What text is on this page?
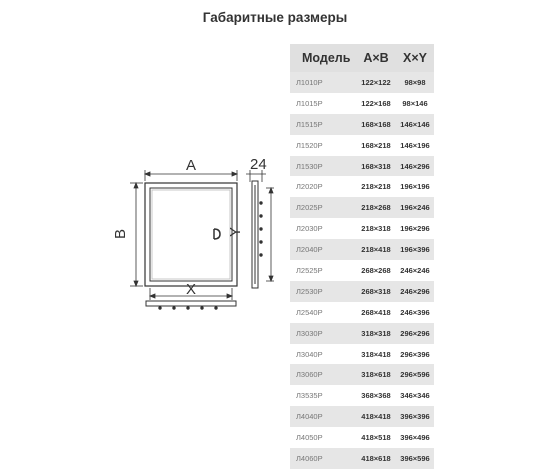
Габаритные размеры
A
B
X
24
Y
Модель	A×B	X×Y
Л1010Р	122×122	98×98
Л1015Р	122×168	98×146
Л1515Р	168×168	146×146
Л1520Р	168×218	146×196
Л1530Р	168×318	146×296
Л2020Р	218×218	196×196
Л2025Р	218×268	196×246
Л2030Р	218×318	196×296
Л2040Р	218×418	196×396
Л2525Р	268×268	246×246
Л2530Р	268×318	246×296
Л2540Р	268×418	246×396
Л3030Р	318×318	296×296
Л3040Р	318×418	296×396
Л3060Р	318×618	296×596
Л3535Р	368×368	346×346
Л4040Р	418×418	396×396
Л4050Р	418×518	396×496
Л4060Р	418×618	396×596
